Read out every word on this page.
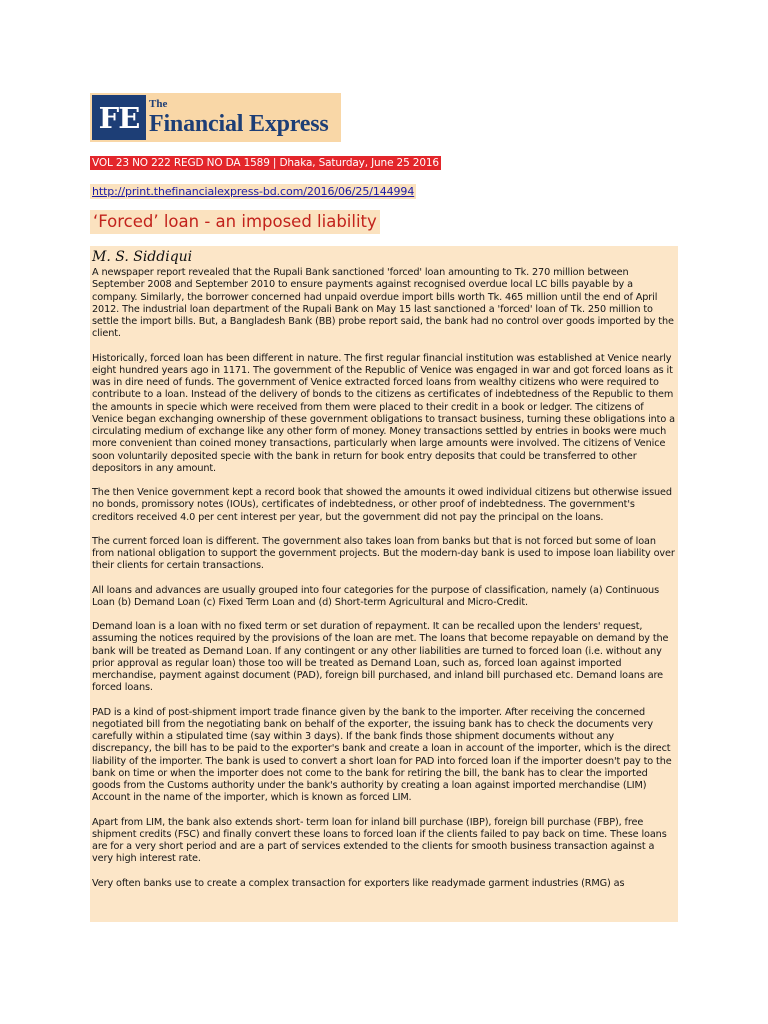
FE The
Financial Express
VOL 23 NO 222 REGD NO DA 1589 | Dhaka, Saturday, June 25 2016
http://print.thefinancialexpress-bd.com/2016/06/25/144994
‘Forced’ loan - an imposed liability

M. S. Siddiqui

A newspaper report revealed that the Rupali Bank sanctioned 'forced' loan amounting to Tk. 270 million between September 2008 and September 2010 to ensure payments against recognised overdue local LC bills payable by a company. Similarly, the borrower concerned had unpaid overdue import bills worth Tk. 465 million until the end of April 2012. The industrial loan department of the Rupali Bank on May 15 last sanctioned a 'forced' loan of Tk. 250 million to settle the import bills. But, a Bangladesh Bank (BB) probe report said, the bank had no control over goods imported by the client.

Historically, forced loan has been different in nature. The first regular financial institution was established at Venice nearly eight hundred years ago in 1171. The government of the Republic of Venice was engaged in war and got forced loans as it was in dire need of funds. The government of Venice extracted forced loans from wealthy citizens who were required to contribute to a loan. Instead of the delivery of bonds to the citizens as certificates of indebtedness of the Republic to them the amounts in specie which were received from them were placed to their credit in a book or ledger. The citizens of Venice began exchanging ownership of these government obligations to transact business, turning these obligations into a circulating medium of exchange like any other form of money. Money transactions settled by entries in books were much more convenient than coined money transactions, particularly when large amounts were involved. The citizens of Venice soon voluntarily deposited specie with the bank in return for book entry deposits that could be transferred to other depositors in any amount.

The then Venice government kept a record book that showed the amounts it owed individual citizens but otherwise issued no bonds, promissory notes (IOUs), certificates of indebtedness, or other proof of indebtedness. The government's creditors received 4.0 per cent interest per year, but the government did not pay the principal on the loans.

The current forced loan is different. The government also takes loan from banks but that is not forced but some of loan from national obligation to support the government projects. But the modern-day bank is used to impose loan liability over their clients for certain transactions.

All loans and advances are usually grouped into four categories for the purpose of classification, namely (a) Continuous Loan (b) Demand Loan (c) Fixed Term Loan and (d) Short-term Agricultural and Micro-Credit.

Demand loan is a loan with no fixed term or set duration of repayment. It can be recalled upon the lenders' request, assuming the notices required by the provisions of the loan are met. The loans that become repayable on demand by the bank will be treated as Demand Loan. If any contingent or any other liabilities are turned to forced loan (i.e. without any prior approval as regular loan) those too will be treated as Demand Loan, such as, forced loan against imported merchandise, payment against document (PAD), foreign bill purchased, and inland bill purchased etc. Demand loans are forced loans.

PAD is a kind of post-shipment import trade finance given by the bank to the importer. After receiving the concerned negotiated bill from the negotiating bank on behalf of the exporter, the issuing bank has to check the documents very carefully within a stipulated time (say within 3 days). If the bank finds those shipment documents without any discrepancy, the bill has to be paid to the exporter's bank and create a loan in account of the importer, which is the direct liability of the importer. The bank is used to convert a short loan for PAD into forced loan if the importer doesn't pay to the bank on time or when the importer does not come to the bank for retiring the bill, the bank has to clear the imported goods from the Customs authority under the bank's authority by creating a loan against imported merchandise (LIM) Account in the name of the importer, which is known as forced LIM.

Apart from LIM, the bank also extends short- term loan for inland bill purchase (IBP), foreign bill purchase (FBP), free shipment credits (FSC) and finally convert these loans to forced loan if the clients failed to pay back on time. These loans are for a very short period and are a part of services extended to the clients for smooth business transaction against a very high interest rate.

Very often banks use to create a complex transaction for exporters like readymade garment industries (RMG) as
